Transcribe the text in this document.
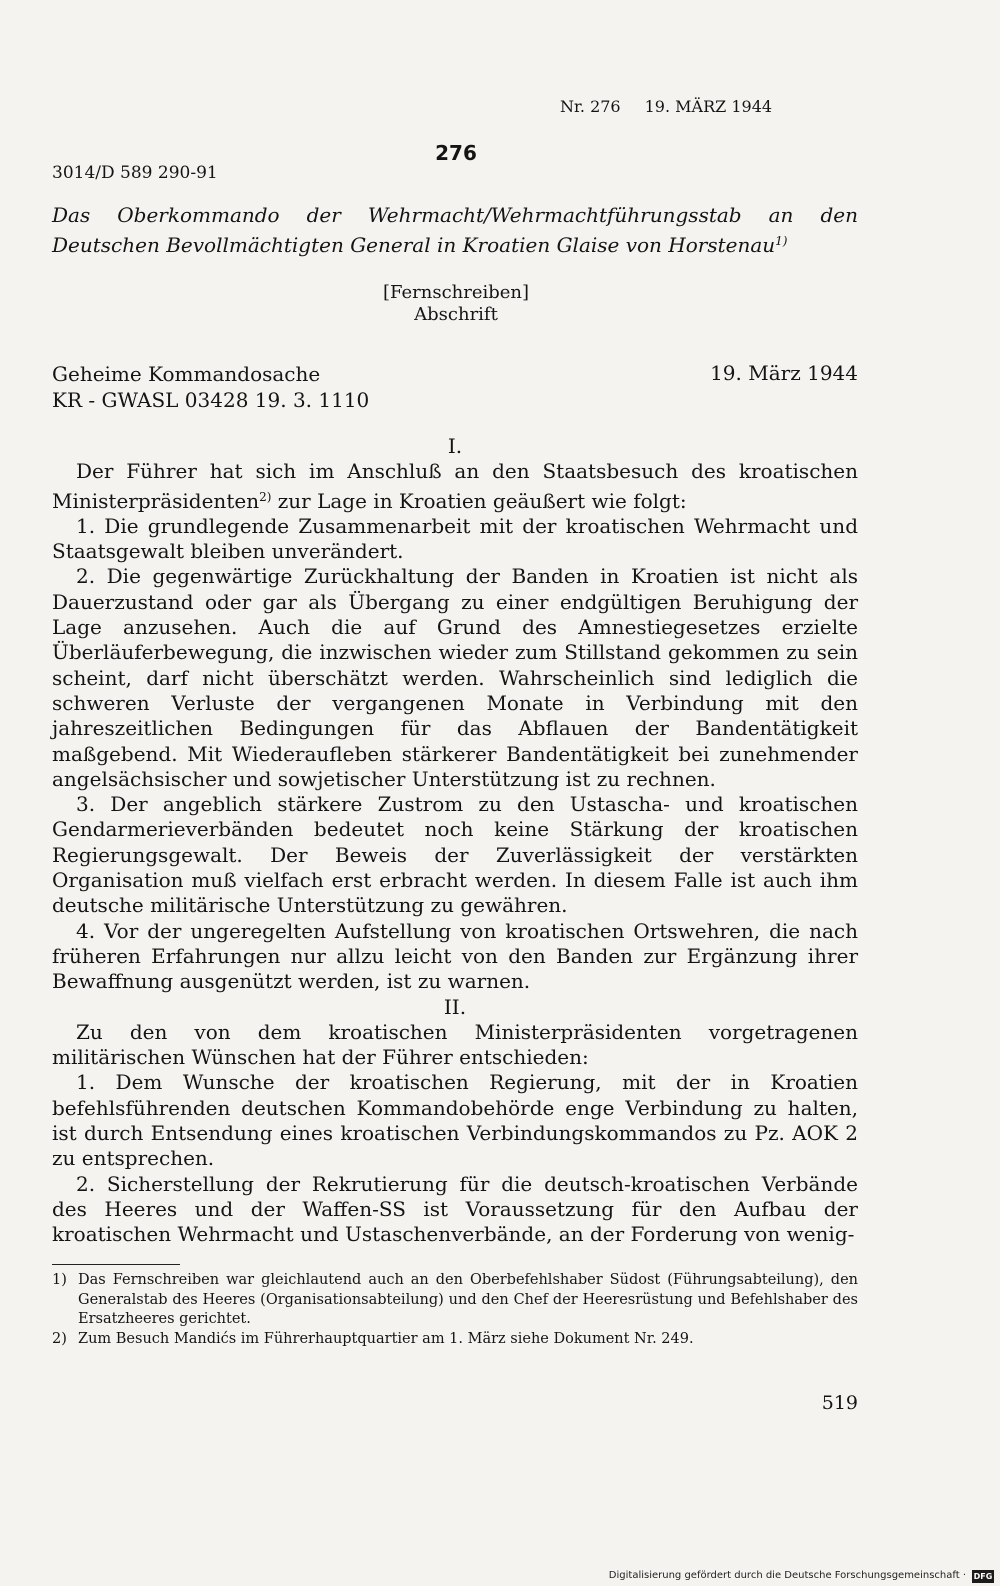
Nr. 276 19. MÄRZ 1944
276
3014/D 589 290-91
Das Oberkommando der Wehrmacht/Wehrmachtführungsstab an den
Deutschen Bevollmächtigten General in Kroatien Glaise von Horstenau$^{1)}$
[Fernschreiben]
Abschrift
Geheime Kommandosache
KR - GWASL 03428 19. 3. 1110
19. März 1944

I.

Der Führer hat sich im Anschluß an den Staatsbesuch des kroatischen Ministerpräsidenten$^{2)}$ zur Lage in Kroatien geäußert wie folgt:

1. Die grundlegende Zusammenarbeit mit der kroatischen Wehrmacht und Staatsgewalt bleiben unverändert.

2. Die gegenwärtige Zurückhaltung der Banden in Kroatien ist nicht als Dauerzustand oder gar als Übergang zu einer endgültigen Beruhigung der Lage anzusehen. Auch die auf Grund des Amnestiegesetzes erzielte Überläuferbewegung, die inzwischen wieder zum Stillstand gekommen zu sein scheint, darf nicht überschätzt werden. Wahrscheinlich sind lediglich die schweren Verluste der vergangenen Monate in Verbindung mit den jahreszeitlichen Bedingungen für das Abflauen der Bandentätigkeit maßgebend. Mit Wiederaufleben stärkerer Bandentätigkeit bei zunehmender angelsächsischer und sowjetischer Unterstützung ist zu rechnen.

3. Der angeblich stärkere Zustrom zu den Ustascha- und kroatischen Gendarmerieverbänden bedeutet noch keine Stärkung der kroatischen Regierungsgewalt. Der Beweis der Zuverlässigkeit der verstärkten Organisation muß vielfach erst erbracht werden. In diesem Falle ist auch ihm deutsche militärische Unterstützung zu gewähren.

4. Vor der ungeregelten Aufstellung von kroatischen Ortswehren, die nach früheren Erfahrungen nur allzu leicht von den Banden zur Ergänzung ihrer Bewaffnung ausgenützt werden, ist zu warnen.

II.

Zu den von dem kroatischen Ministerpräsidenten vorgetragenen militärischen Wünschen hat der Führer entschieden:

1. Dem Wunsche der kroatischen Regierung, mit der in Kroatien befehlsführenden deutschen Kommandobehörde enge Verbindung zu halten, ist durch Entsendung eines kroatischen Verbindungskommandos zu Pz. AOK 2 zu entsprechen.

2. Sicherstellung der Rekrutierung für die deutsch-kroatischen Verbände des Heeres und der Waffen-SS ist Voraussetzung für den Aufbau der kroatischen Wehrmacht und Ustaschenverbände, an der Forderung von wenig-

1) Das Fernschreiben war gleichlautend auch an den Oberbefehlshaber Südost (Führungsabteilung), den Generalstab des Heeres (Organisationsabteilung) und den Chef der Heeresrüstung und Befehlshaber des Ersatzheeres gerichtet.
2) Zum Besuch Mandićs im Führerhauptquartier am 1. März siehe Dokument Nr. 249.
519
Digitalisierung gefördert durch die Deutsche Forschungsgemeinschaft · DFG
